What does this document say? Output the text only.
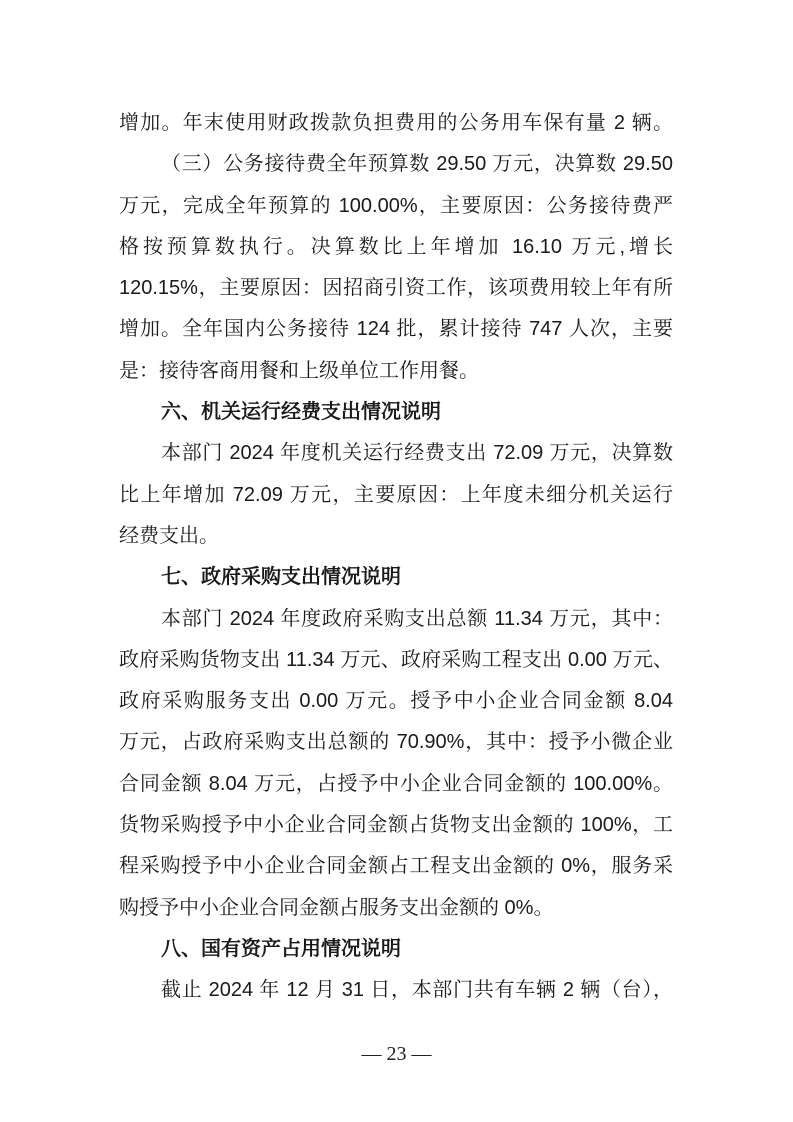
增加。年末使用财政拨款负担费用的公务用车保有量 2 辆。
（三）公务接待费全年预算数 29.50 万元，决算数 29.50
万元，完成全年预算的 100.00%，主要原因：公务接待费严
格按预算数执行。决算数比上年增加 16.10 万元,增长
120.15%，主要原因：因招商引资工作，该项费用较上年有所
增加。全年国内公务接待 124 批，累计接待 747 人次，主要
是：接待客商用餐和上级单位工作用餐。
六、机关运行经费支出情况说明
本部门 2024 年度机关运行经费支出 72.09 万元，决算数
比上年增加 72.09 万元，主要原因：上年度未细分机关运行
经费支出。
七、政府采购支出情况说明
本部门 2024 年度政府采购支出总额 11.34 万元，其中：
政府采购货物支出 11.34 万元、政府采购工程支出 0.00 万元、
政府采购服务支出 0.00 万元。授予中小企业合同金额 8.04
万元，占政府采购支出总额的 70.90%，其中：授予小微企业
合同金额 8.04 万元，占授予中小企业合同金额的 100.00%。
货物采购授予中小企业合同金额占货物支出金额的 100%，工
程采购授予中小企业合同金额占工程支出金额的 0%，服务采
购授予中小企业合同金额占服务支出金额的 0%。
八、国有资产占用情况说明
截止 2024 年 12 月 31 日，本部门共有车辆 2 辆（台），
— 23 —
